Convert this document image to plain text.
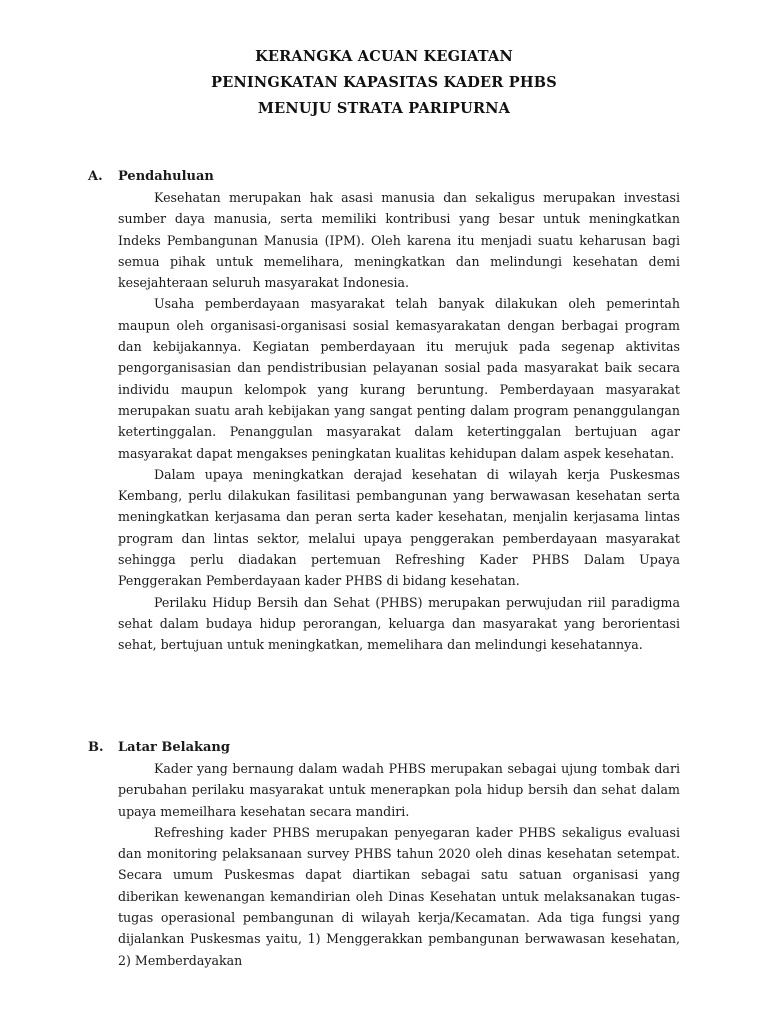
KERANGKA ACUAN KEGIATAN
PENINGKATAN KAPASITAS KADER PHBS
MENUJU STRATA PARIPURNA
A.	Pendahuluan

Kesehatan merupakan hak asasi manusia dan sekaligus merupakan investasi sumber daya manusia, serta memiliki kontribusi yang besar untuk meningkatkan Indeks Pembangunan Manusia (IPM). Oleh karena itu menjadi suatu keharusan bagi semua pihak untuk memelihara, meningkatkan dan melindungi kesehatan demi kesejahteraan seluruh masyarakat Indonesia.

Usaha pemberdayaan masyarakat telah banyak dilakukan oleh pemerintah maupun oleh organisasi-organisasi sosial kemasyarakatan dengan berbagai program dan kebijakannya. Kegiatan pemberdayaan itu merujuk pada segenap aktivitas pengorganisasian dan pendistribusian pelayanan sosial pada masyarakat baik secara individu maupun kelompok yang kurang beruntung. Pemberdayaan masyarakat merupakan suatu arah kebijakan yang sangat penting dalam program penanggulangan ketertinggalan. Penanggulan masyarakat dalam ketertinggalan bertujuan agar masyarakat dapat mengakses peningkatan kualitas kehidupan dalam aspek kesehatan.

Dalam upaya meningkatkan derajad kesehatan di wilayah kerja Puskesmas Kembang, perlu dilakukan fasilitasi pembangunan yang berwawasan kesehatan serta meningkatkan kerjasama dan peran serta kader kesehatan, menjalin kerjasama lintas program dan lintas sektor, melalui upaya penggerakan pemberdayaan masyarakat sehingga perlu diadakan pertemuan Refreshing Kader PHBS Dalam Upaya Penggerakan Pemberdayaan kader PHBS di bidang kesehatan.

Perilaku Hidup Bersih dan Sehat (PHBS) merupakan perwujudan riil paradigma sehat dalam budaya hidup perorangan, keluarga dan masyarakat yang berorientasi sehat, bertujuan untuk meningkatkan, memelihara dan melindungi kesehatannya.

B.	Latar Belakang

Kader yang bernaung dalam wadah PHBS merupakan sebagai ujung tombak dari perubahan perilaku masyarakat untuk menerapkan pola hidup bersih dan sehat dalam upaya memeilhara kesehatan secara mandiri.

Refreshing kader PHBS merupakan penyegaran kader PHBS sekaligus evaluasi dan monitoring pelaksanaan survey PHBS tahun 2020 oleh dinas kesehatan setempat. Secara umum Puskesmas dapat diartikan sebagai satu satuan organisasi yang diberikan kewenangan kemandirian oleh Dinas Kesehatan untuk melaksanakan tugas-tugas operasional pembangunan di wilayah kerja/Kecamatan. Ada tiga fungsi yang dijalankan Puskesmas yaitu, 1) Menggerakkan pembangunan berwawasan kesehatan, 2) Memberdayakan
